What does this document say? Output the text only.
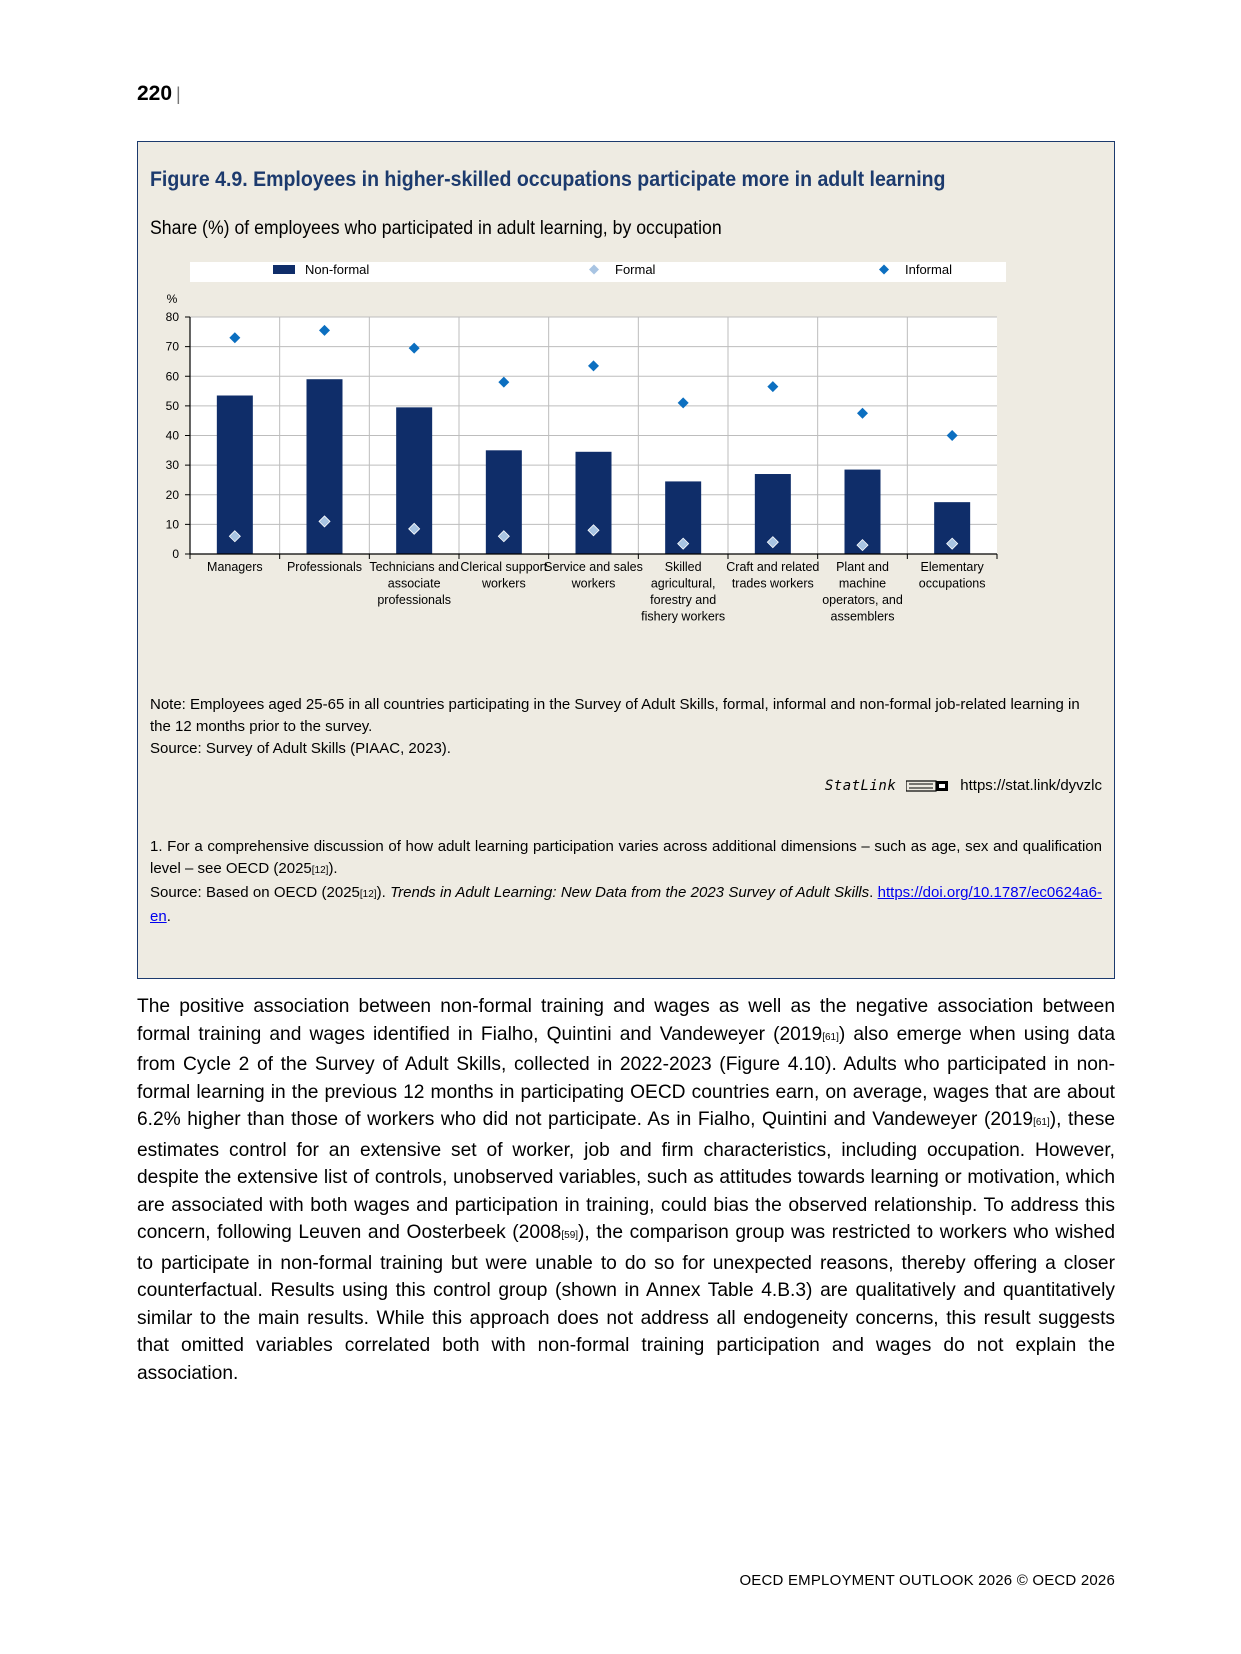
220 |
Figure 4.9. Employees in higher-skilled occupations participate more in adult learning
Share (%) of employees who participated in adult learning, by occupation
Non-formal	Formal	Informal
0
10
20
30
40
50
60
70
80
%
Managers Professionals Technicians and associate professionals
Clerical support workers
Service and sales workers
Skilled agricultural, forestry and fishery workers
Craft and related trades workers
Plant and machine operators, and assemblers
Elementary occupations

Note: Employees aged 25-65 in all countries participating in the Survey of Adult Skills, formal, informal and non-formal job-related learning in the 12 months prior to the survey.

Source: Survey of Adult Skills (PIAAC, 2023).

StatLink	https://stat.link/dyvzlc

1. For a comprehensive discussion of how adult learning participation varies across additional dimensions – such as age, sex and qualification level – see OECD (2025[12]).

Source: Based on OECD (2025[12]). Trends in Adult Learning: New Data from the 2023 Survey of Adult Skills. https://doi.org/10.1787/ec0624a6-en.

The positive association between non-formal training and wages as well as the negative association between formal training and wages identified in Fialho, Quintini and Vandeweyer (2019[61]) also emerge when using data from Cycle 2 of the Survey of Adult Skills, collected in 2022-2023 (Figure 4.10). Adults who participated in non-formal learning in the previous 12 months in participating OECD countries earn, on average, wages that are about 6.2% higher than those of workers who did not participate. As in Fialho, Quintini and Vandeweyer (2019[61]), these estimates control for an extensive set of worker, job and firm characteristics, including occupation. However, despite the extensive list of controls, unobserved variables, such as attitudes towards learning or motivation, which are associated with both wages and participation in training, could bias the observed relationship. To address this concern, following Leuven and Oosterbeek (2008[59]), the comparison group was restricted to workers who wished to participate in non-formal training but were unable to do so for unexpected reasons, thereby offering a closer counterfactual. Results using this control group (shown in Annex Table 4.B.3) are qualitatively and quantitatively similar to the main results. While this approach does not address all endogeneity concerns, this result suggests that omitted variables correlated both with non-formal training participation and wages do not explain the association.
OECD EMPLOYMENT OUTLOOK 2026 © OECD 2026
